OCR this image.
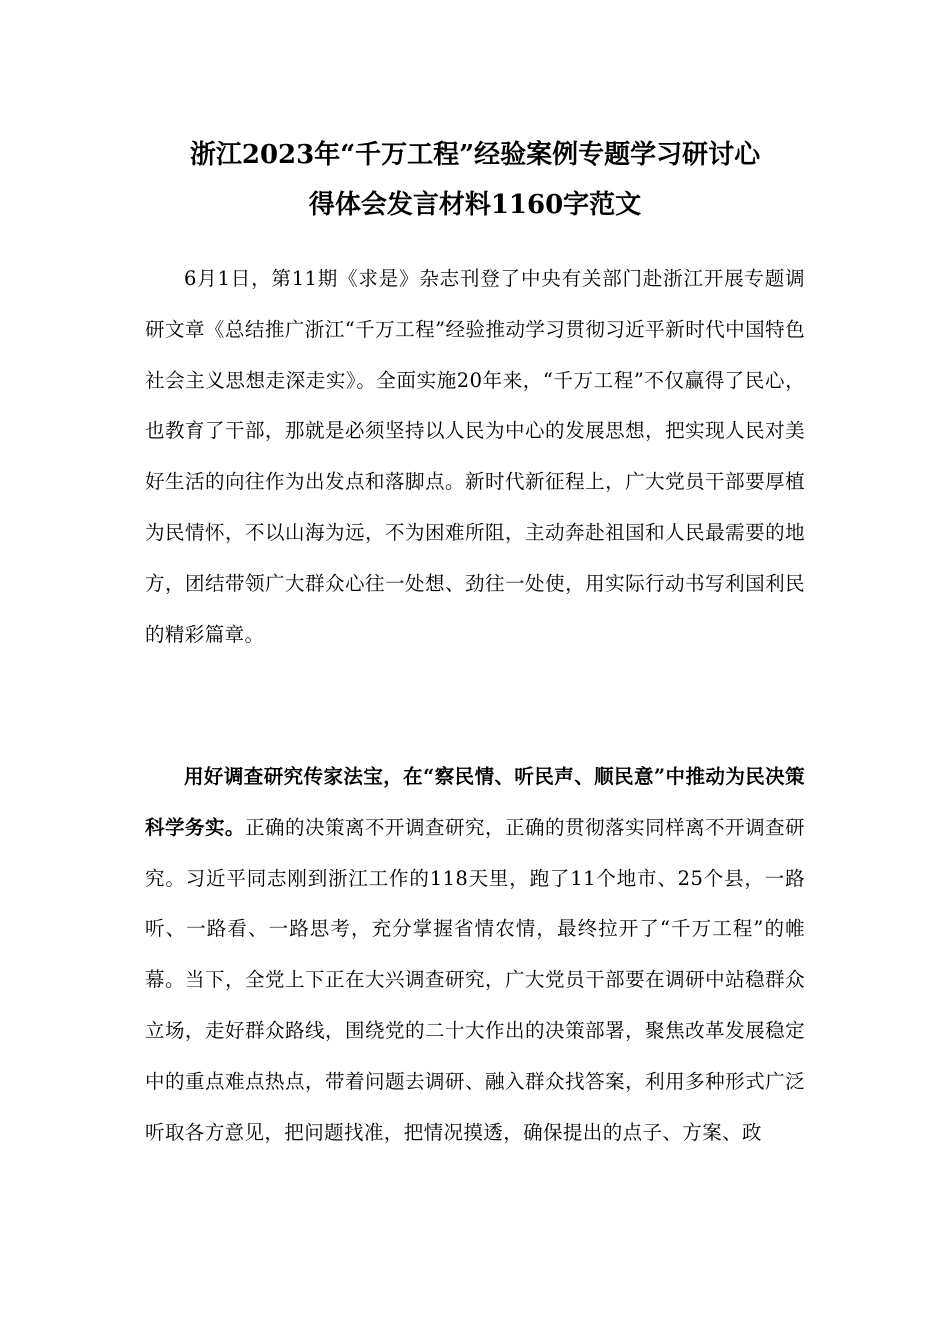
浙江2023年“千万工程”经验案例专题学习研讨心
得体会发言材料1160字范文

6月1日，第11期《求是》杂志刊登了中央有关部门赴浙江开展专题调研文章《总结推广浙江“千万工程”经验推动学习贯彻习近平新时代中国特色社会主义思想走深走实》。全面实施20年来，“千万工程”不仅赢得了民心，也教育了干部，那就是必须坚持以人民为中心的发展思想，把实现人民对美好生活的向往作为出发点和落脚点。新时代新征程上，广大党员干部要厚植为民情怀，不以山海为远，不为困难所阻，主动奔赴祖国和人民最需要的地方，团结带领广大群众心往一处想、劲往一处使，用实际行动书写利国利民的精彩篇章。

用好调查研究传家法宝，在“察民情、听民声、顺民意”中推动为民决策科学务实。正确的决策离不开调查研究，正确的贯彻落实同样离不开调查研究。习近平同志刚到浙江工作的118天里，跑了11个地市、25个县，一路听、一路看、一路思考，充分掌握省情农情，最终拉开了“千万工程”的帷幕。当下，全党上下正在大兴调查研究，广大党员干部要在调研中站稳群众立场，走好群众路线，围绕党的二十大作出的决策部署，聚焦改革发展稳定中的重点难点热点，带着问题去调研、融入群众找答案，利用多种形式广泛听取各方意见，把问题找准，把情况摸透，确保提出的点子、方案、政
